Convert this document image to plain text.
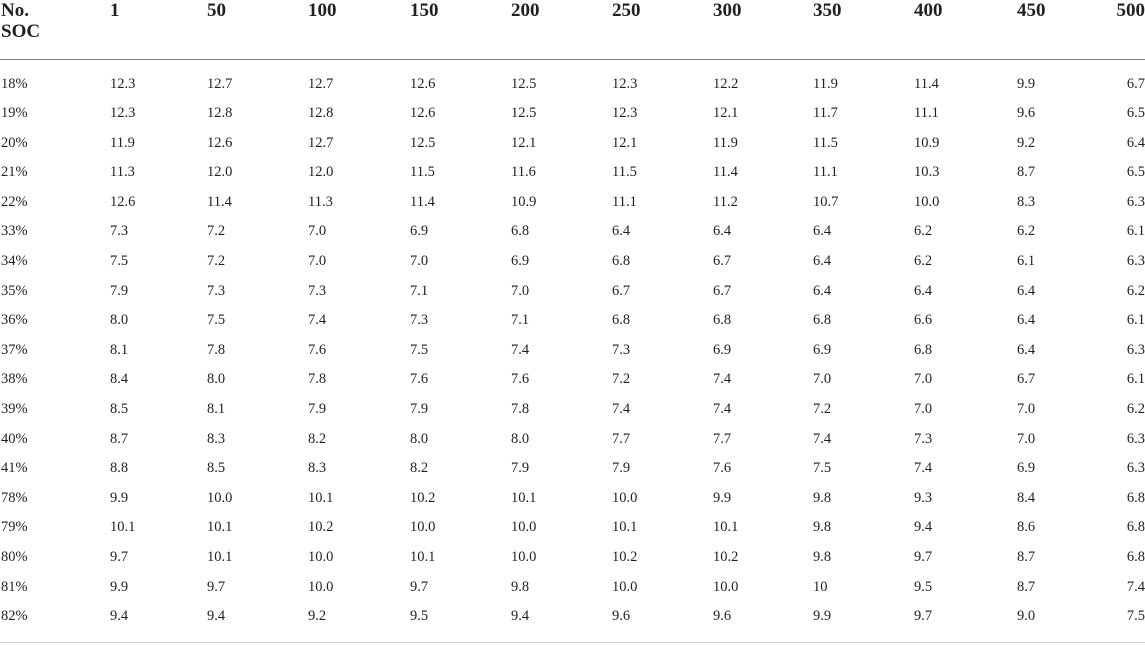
No.
SOC	1	50	100	150	200	250	300	350	400	450	500
18%	12.3	12.7	12.7	12.6	12.5	12.3	12.2	11.9	11.4	9.9	6.7
19%	12.3	12.8	12.8	12.6	12.5	12.3	12.1	11.7	11.1	9.6	6.5
20%	11.9	12.6	12.7	12.5	12.1	12.1	11.9	11.5	10.9	9.2	6.4
21%	11.3	12.0	12.0	11.5	11.6	11.5	11.4	11.1	10.3	8.7	6.5
22%	12.6	11.4	11.3	11.4	10.9	11.1	11.2	10.7	10.0	8.3	6.3
33%	7.3	7.2	7.0	6.9	6.8	6.4	6.4	6.4	6.2	6.2	6.1
34%	7.5	7.2	7.0	7.0	6.9	6.8	6.7	6.4	6.2	6.1	6.3
35%	7.9	7.3	7.3	7.1	7.0	6.7	6.7	6.4	6.4	6.4	6.2
36%	8.0	7.5	7.4	7.3	7.1	6.8	6.8	6.8	6.6	6.4	6.1
37%	8.1	7.8	7.6	7.5	7.4	7.3	6.9	6.9	6.8	6.4	6.3
38%	8.4	8.0	7.8	7.6	7.6	7.2	7.4	7.0	7.0	6.7	6.1
39%	8.5	8.1	7.9	7.9	7.8	7.4	7.4	7.2	7.0	7.0	6.2
40%	8.7	8.3	8.2	8.0	8.0	7.7	7.7	7.4	7.3	7.0	6.3
41%	8.8	8.5	8.3	8.2	7.9	7.9	7.6	7.5	7.4	6.9	6.3
78%	9.9	10.0	10.1	10.2	10.1	10.0	9.9	9.8	9.3	8.4	6.8
79%	10.1	10.1	10.2	10.0	10.0	10.1	10.1	9.8	9.4	8.6	6.8
80%	9.7	10.1	10.0	10.1	10.0	10.2	10.2	9.8	9.7	8.7	6.8
81%	9.9	9.7	10.0	9.7	9.8	10.0	10.0	10	9.5	8.7	7.4
82%	9.4	9.4	9.2	9.5	9.4	9.6	9.6	9.9	9.7	9.0	7.5
